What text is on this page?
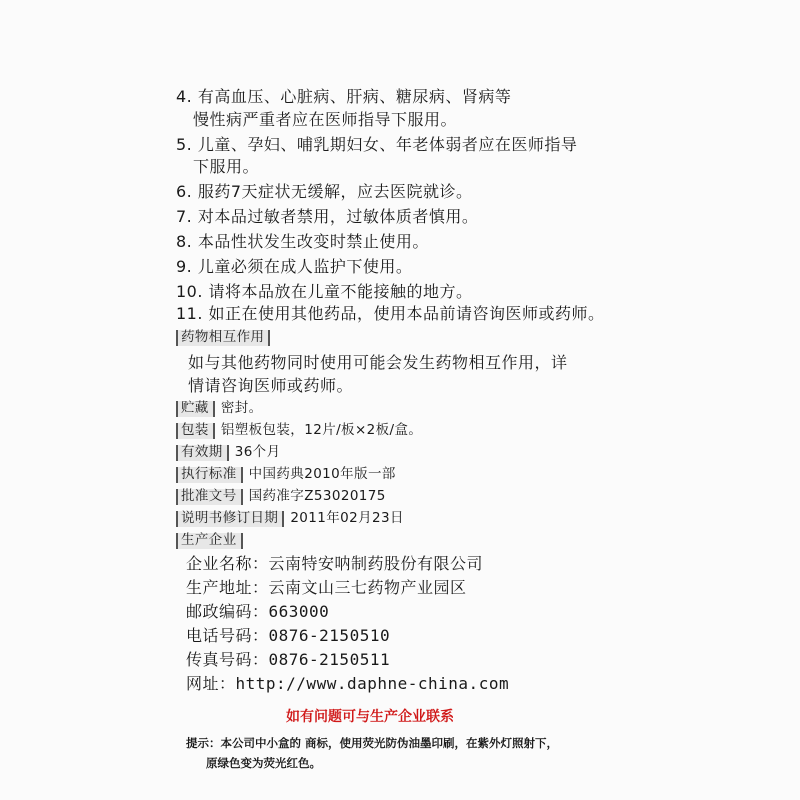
4. 有高血压、心脏病、肝病、糖尿病、肾病等
慢性病严重者应在医师指导下服用。
5. 儿童、孕妇、哺乳期妇女、年老体弱者应在医师指导
下服用。
6. 服药7天症状无缓解，应去医院就诊。
7. 对本品过敏者禁用，过敏体质者慎用。
8. 本品性状发生改变时禁止使用。
9. 儿童必须在成人监护下使用。
10. 请将本品放在儿童不能接触的地方。
11. 如正在使用其他药品，使用本品前请咨询医师或药师。
药物相互作用
如与其他药物同时使用可能会发生药物相互作用，详
情请咨询医师或药师。
贮藏 密封。
包装 铝塑板包装，12片/板×2板/盒。
有效期 36个月
执行标准 中国药典2010年版一部
批准文号 国药准字Z53020175
说明书修订日期 2011年02月23日
生产企业
企业名称：云南特安呐制药股份有限公司
生产地址：云南文山三七药物产业园区
邮政编码：663000
电话号码：0876-2150510
传真号码：0876-2150511
网址：http://www.daphne-china.com
如有问题可与生产企业联系
提示：本公司中小盒的 商标，使用荧光防伪油墨印刷，在紫外灯照射下，
原绿色变为荧光红色。
